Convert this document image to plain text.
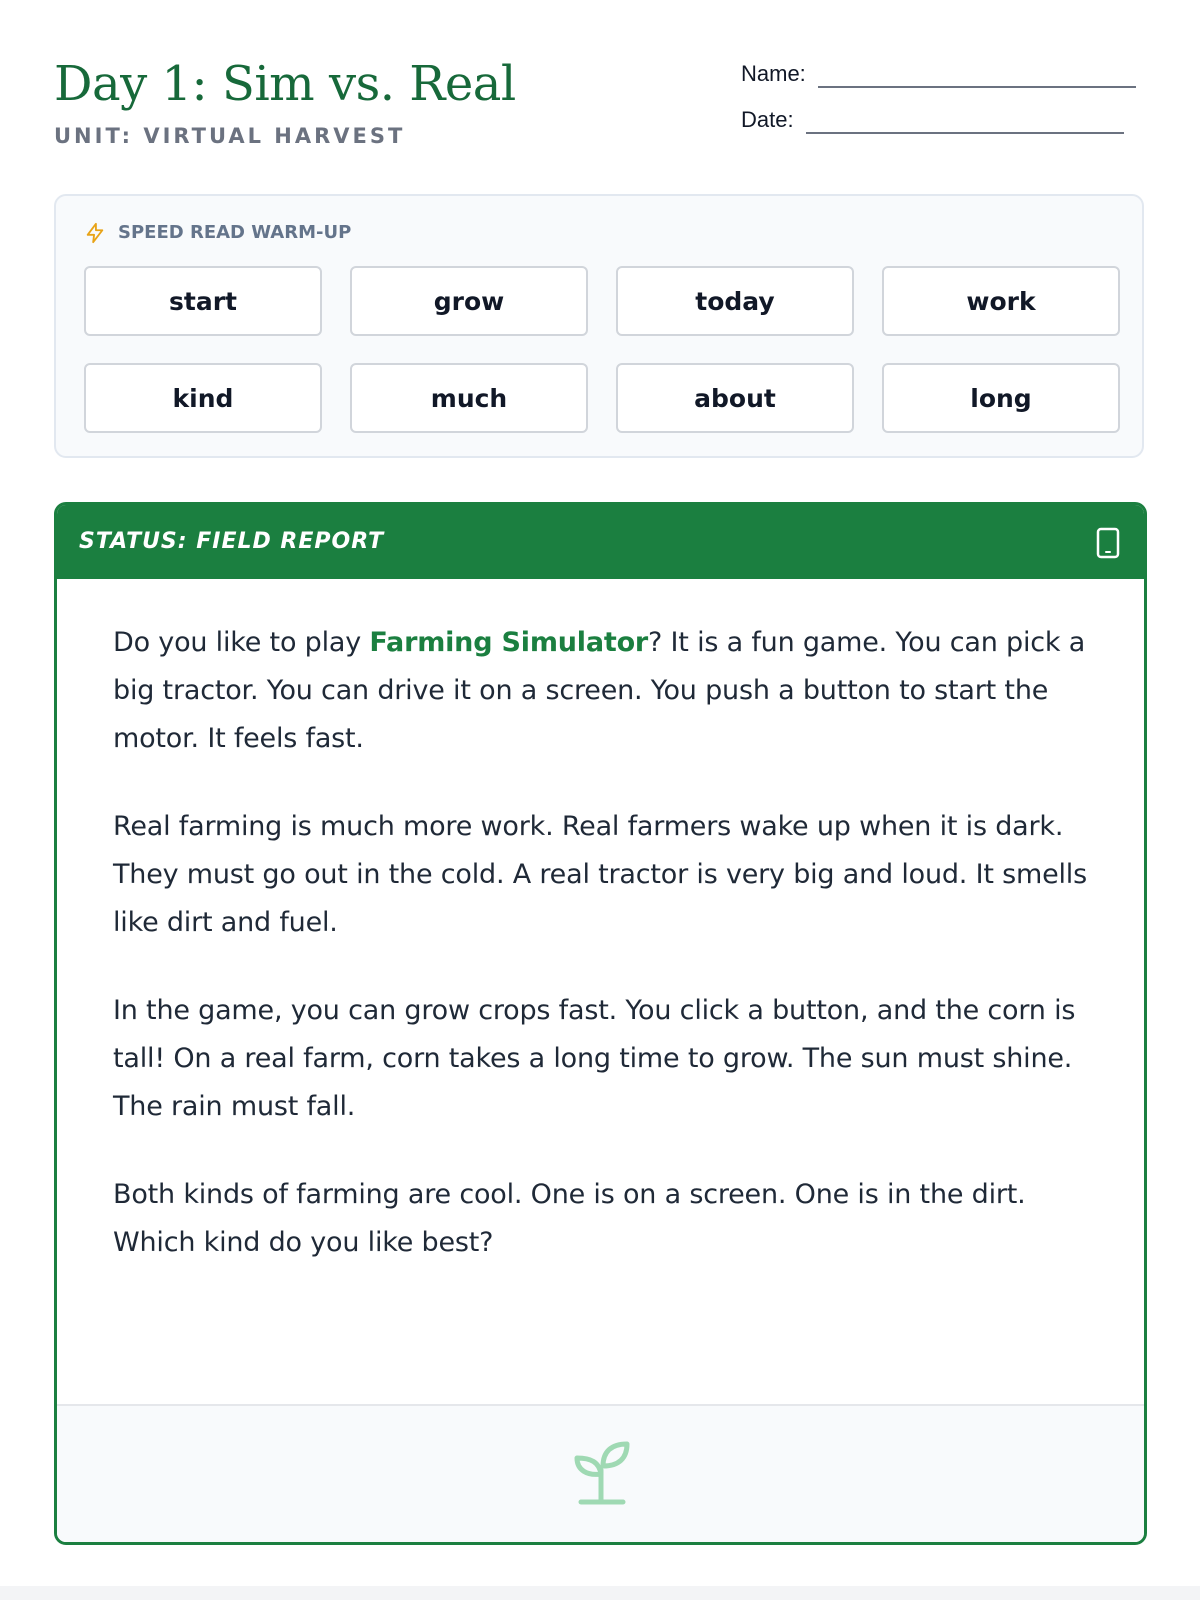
Day 1: Sim vs. Real
UNIT: VIRTUAL HARVEST
Name:
Date:
SPEED READ WARM-UP
start	grow	today	work
kind	much	about	long
STATUS: FIELD REPORT

Do you like to play Farming Simulator? It is a fun game. You can pick a big tractor. You can drive it on a screen. You push a button to start the motor. It feels fast.

Real farming is much more work. Real farmers wake up when it is dark. They must go out in the cold. A real tractor is very big and loud. It smells like dirt and fuel.

In the game, you can grow crops fast. You click a button, and the corn is tall! On a real farm, corn takes a long time to grow. The sun must shine. The rain must fall.

Both kinds of farming are cool. One is on a screen. One is in the dirt. Which kind do you like best?
